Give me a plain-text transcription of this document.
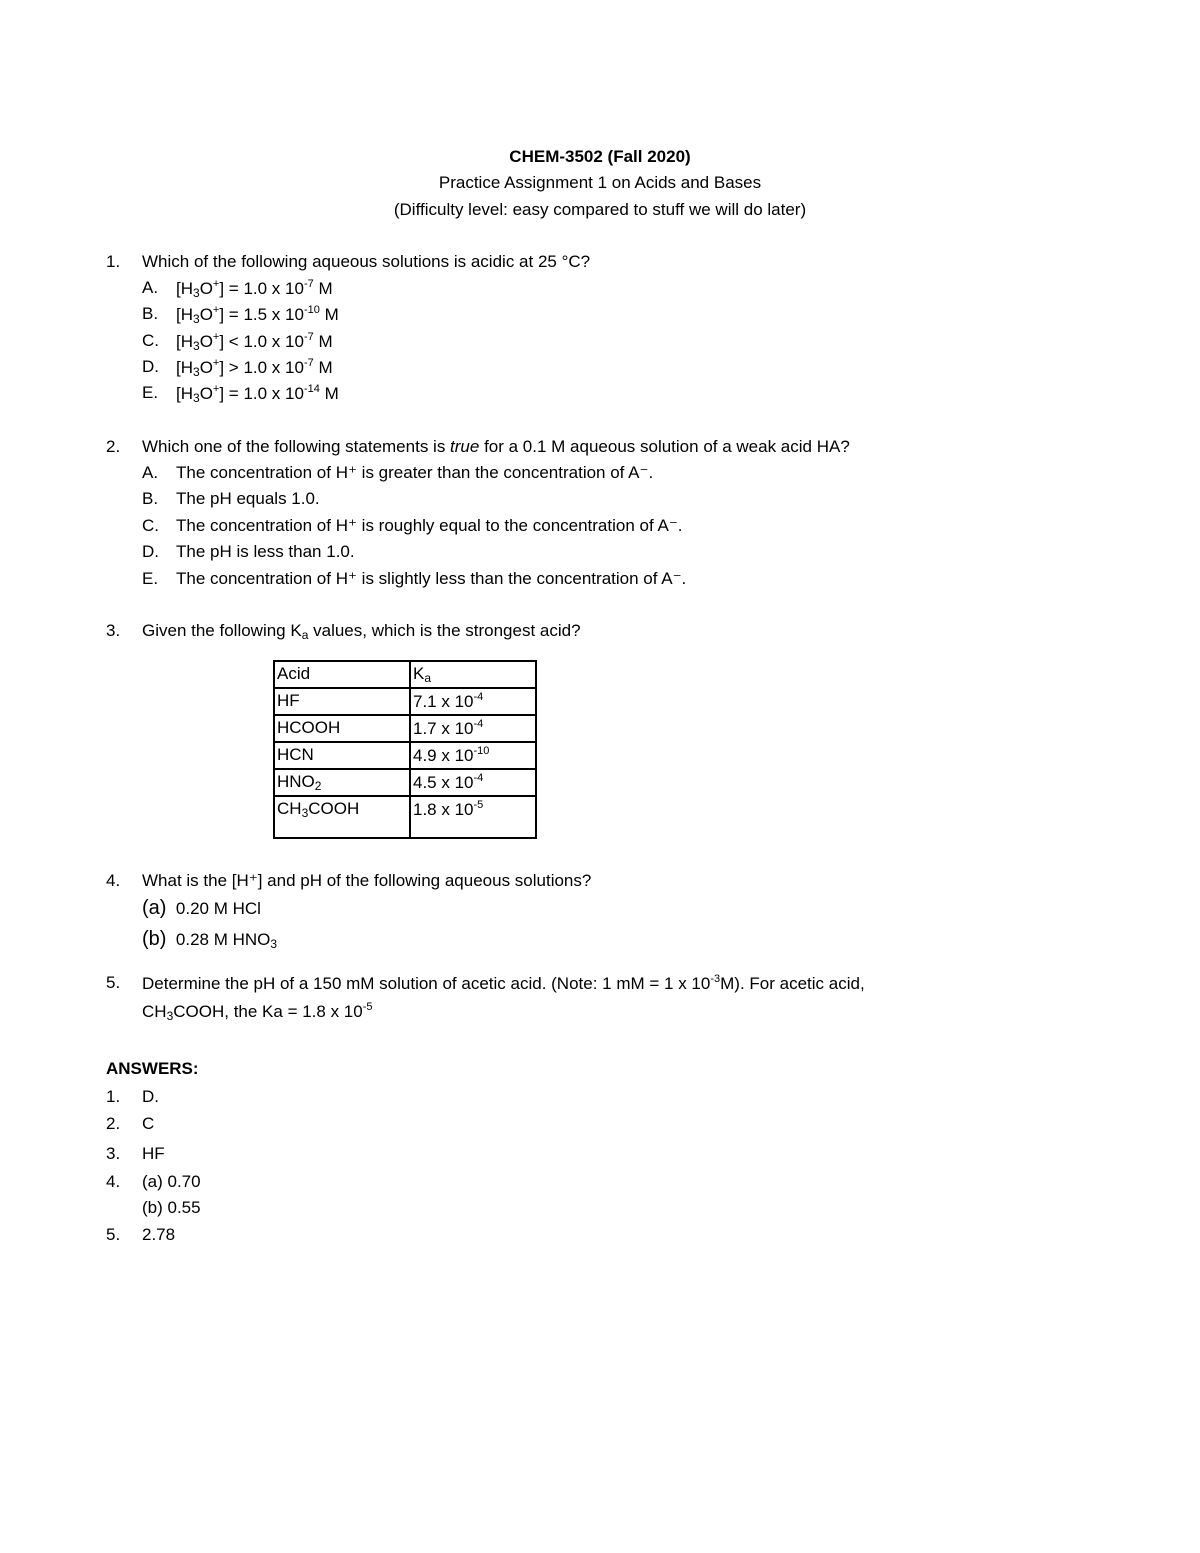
CHEM-3502 (Fall 2020)
Practice Assignment 1 on Acids and Bases
(Difficulty level: easy compared to stuff we will do later)
1. Which of the following aqueous solutions is acidic at 25 °C?
A. $[H_3O^+] = 1.0$ x $10^{-7}$ M
B. $[H_3O^+] = 1.5$ x $10^{-10}$ M
C. $[H_3O^+] < 1.0$ x $10^{-7}$ M
D. $[H_3O^+] > 1.0$ x $10^{-7}$ M
E. $[H_3O^+] = 1.0$ x $10^{-14}$ M
2. Which one of the following statements is true for a 0.1 M aqueous solution of a weak acid HA?
A. The concentration of H⁺ is greater than the concentration of A⁻.
B. The pH equals 1.0.
C. The concentration of H⁺ is roughly equal to the concentration of A⁻.
D. The pH is less than 1.0.
E. The concentration of H⁺ is slightly less than the concentration of A⁻.
3. Given the following $K_a$ values, which is the strongest acid?
Acid	$K_a$
HF	7.1 x $10^{-4}$
HCOOH	1.7 x $10^{-4}$
HCN	4.9 x $10^{-10}$
$HNO_2$	4.5 x $10^{-4}$
$CH_3COOH$	1.8 x $10^{-5}$
4. What is the [H⁺] and pH of the following aqueous solutions?
(a) 0.20 M HCl
(b) 0.28 M $HNO_3$
5. Determine the pH of a 150 mM solution of acetic acid. (Note: 1 mM = 1 x $10^{-3}M$). For acetic acid,
$CH_3COOH$, the Ka = 1.8 x $10^{-5}$
ANSWERS:
1. D.
2. C
3. HF
4. (a) 0.70
(b) 0.55
5. 2.78
